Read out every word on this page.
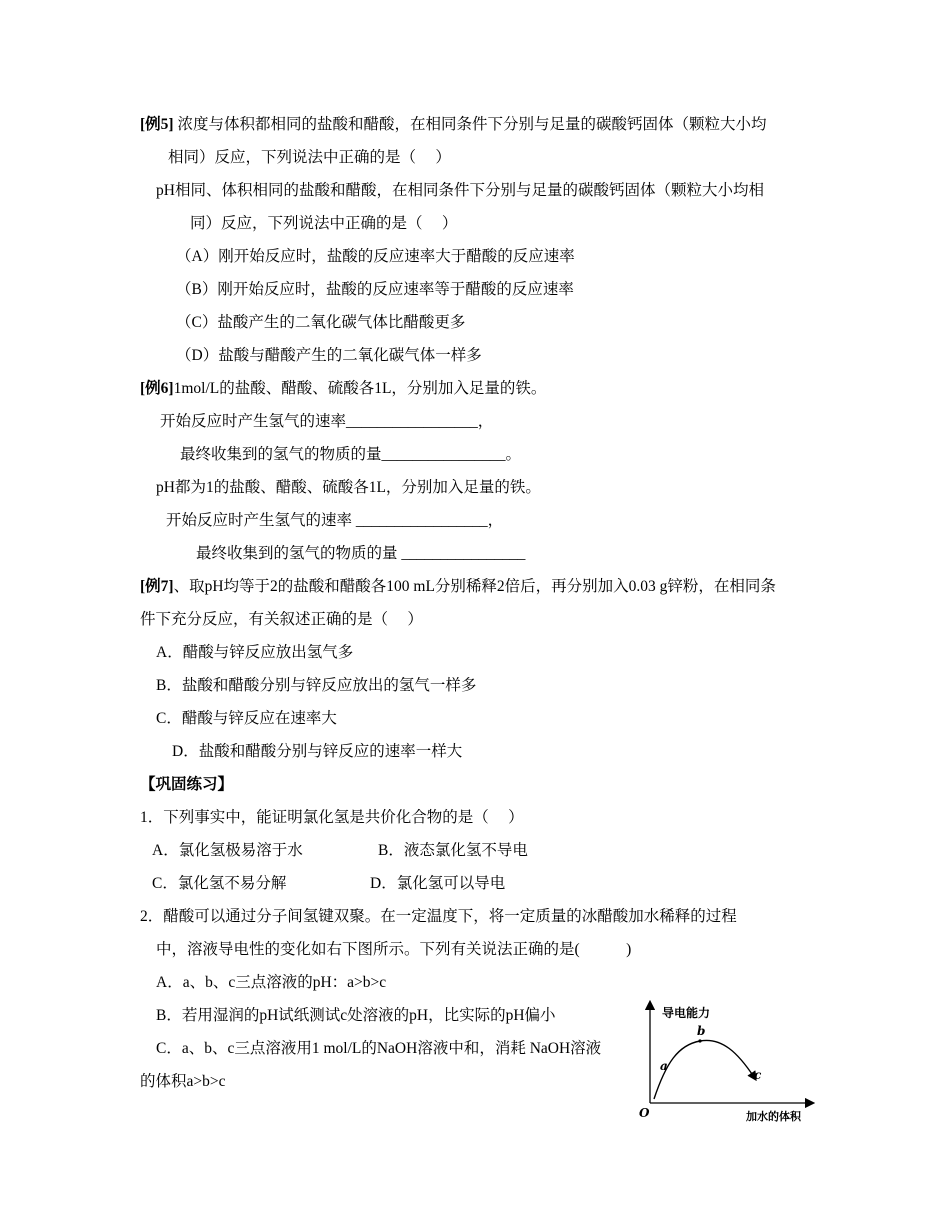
[例5] 浓度与体积都相同的盐酸和醋酸，在相同条件下分别与足量的碳酸钙固体（颗粒大小均
相同）反应，下列说法中正确的是（　 ）
pH相同、体积相同的盐酸和醋酸，在相同条件下分别与足量的碳酸钙固体（颗粒大小均相
同）反应，下列说法中正确的是（　 ）
（A）刚开始反应时，盐酸的反应速率大于醋酸的反应速率
（B）刚开始反应时，盐酸的反应速率等于醋酸的反应速率
（C）盐酸产生的二氧化碳气体比醋酸更多
（D）盐酸与醋酸产生的二氧化碳气体一样多
[例6]1mol/L的盐酸、醋酸、硫酸各1L，分别加入足量的铁。
开始反应时产生氢气的速率_________________，
最终收集到的氢气的物质的量________________。
pH都为1的盐酸、醋酸、硫酸各1L，分别加入足量的铁。
开始反应时产生氢气的速率 _________________，
最终收集到的氢气的物质的量 ________________
[例7]、取pH均等于2的盐酸和醋酸各100 mL分别稀释2倍后，再分别加入0.03 g锌粉，在相同条
件下充分反应，有关叙述正确的是（　 ）
A．醋酸与锌反应放出氢气多
B．盐酸和醋酸分别与锌反应放出的氢气一样多
C．醋酸与锌反应在速率大
D．盐酸和醋酸分别与锌反应的速率一样大
【巩固练习】
1．下列事实中，能证明氯化氢是共价化合物的是（　 ）
A．氯化氢极易溶于水	B．液态氯化氢不导电
C．氯化氢不易分解	D．氯化氢可以导电
2．醋酸可以通过分子间氢键双聚。在一定温度下，将一定质量的冰醋酸加水稀释的过程
中，溶液导电性的变化如右下图所示。下列有关说法正确的是(　　　)
A．a、b、c三点溶液的pH：a>b>c
B．若用湿润的pH试纸测试c处溶液的pH，比实际的pH偏小
C．a、b、c三点溶液用1 mol/L的NaOH溶液中和，消耗 NaOH溶液
的体积a>b>c
导电能力
加水的体积
O
a
b
c
